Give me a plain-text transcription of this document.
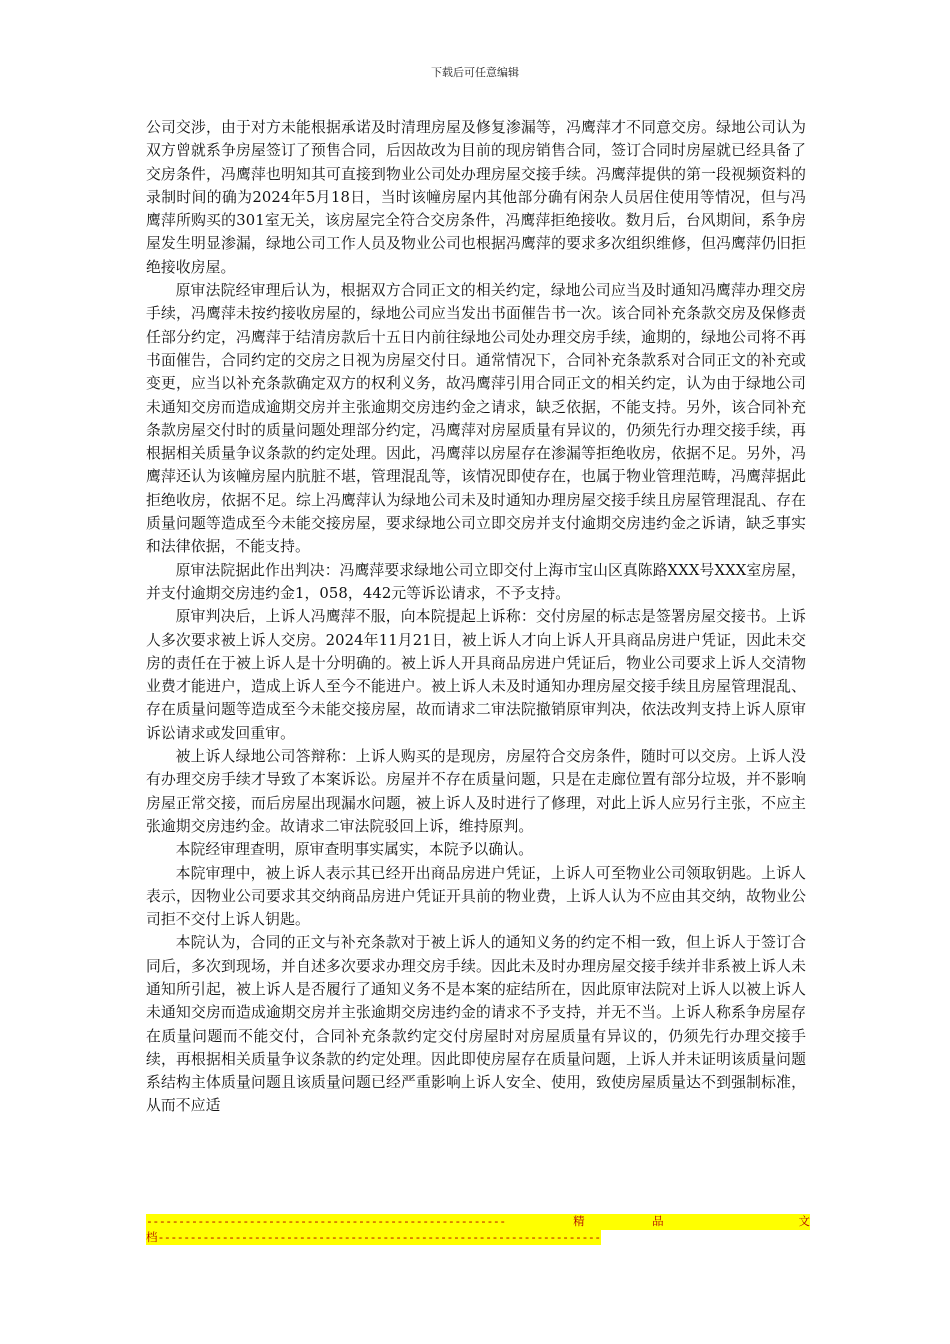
下载后可任意编辑

公司交涉，由于对方未能根据承诺及时清理房屋及修复渗漏等，冯鹰萍才不同意交房。绿地公司认为双方曾就系争房屋签订了预售合同，后因故改为目前的现房销售合同，签订合同时房屋就已经具备了交房条件，冯鹰萍也明知其可直接到物业公司处办理房屋交接手续。冯鹰萍提供的第一段视频资料的录制时间的确为2024年5月18日，当时该幢房屋内其他部分确有闲杂人员居住使用等情况，但与冯鹰萍所购买的301室无关，该房屋完全符合交房条件，冯鹰萍拒绝接收。数月后，台风期间，系争房屋发生明显渗漏，绿地公司工作人员及物业公司也根据冯鹰萍的要求多次组织维修，但冯鹰萍仍旧拒绝接收房屋。

原审法院经审理后认为，根据双方合同正文的相关约定，绿地公司应当及时通知冯鹰萍办理交房手续，冯鹰萍未按约接收房屋的，绿地公司应当发出书面催告书一次。该合同补充条款交房及保修责任部分约定，冯鹰萍于结清房款后十五日内前往绿地公司处办理交房手续，逾期的，绿地公司将不再书面催告，合同约定的交房之日视为房屋交付日。通常情况下，合同补充条款系对合同正文的补充或变更，应当以补充条款确定双方的权利义务，故冯鹰萍引用合同正文的相关约定，认为由于绿地公司未通知交房而造成逾期交房并主张逾期交房违约金之请求，缺乏依据，不能支持。另外，该合同补充条款房屋交付时的质量问题处理部分约定，冯鹰萍对房屋质量有异议的，仍须先行办理交接手续，再根据相关质量争议条款的约定处理。因此，冯鹰萍以房屋存在渗漏等拒绝收房，依据不足。另外，冯鹰萍还认为该幢房屋内肮脏不堪，管理混乱等，该情况即使存在，也属于物业管理范畴，冯鹰萍据此拒绝收房，依据不足。综上冯鹰萍认为绿地公司未及时通知办理房屋交接手续且房屋管理混乱、存在质量问题等造成至今未能交接房屋，要求绿地公司立即交房并支付逾期交房违约金之诉请，缺乏事实和法律依据，不能支持。

原审法院据此作出判决：冯鹰萍要求绿地公司立即交付上海市宝山区真陈路XXX号XXX室房屋，并支付逾期交房违约金1，058，442元等诉讼请求，不予支持。

原审判决后，上诉人冯鹰萍不服，向本院提起上诉称：交付房屋的标志是签署房屋交接书。上诉人多次要求被上诉人交房。2024年11月21日，被上诉人才向上诉人开具商品房进户凭证，因此未交房的责任在于被上诉人是十分明确的。被上诉人开具商品房进户凭证后，物业公司要求上诉人交清物业费才能进户，造成上诉人至今不能进户。被上诉人未及时通知办理房屋交接手续且房屋管理混乱、存在质量问题等造成至今未能交接房屋，故而请求二审法院撤销原审判决，依法改判支持上诉人原审诉讼请求或发回重审。

被上诉人绿地公司答辩称：上诉人购买的是现房，房屋符合交房条件，随时可以交房。上诉人没有办理交房手续才导致了本案诉讼。房屋并不存在质量问题，只是在走廊位置有部分垃圾，并不影响房屋正常交接，而后房屋出现漏水问题，被上诉人及时进行了修理，对此上诉人应另行主张，不应主张逾期交房违约金。故请求二审法院驳回上诉，维持原判。

本院经审理查明，原审查明事实属实，本院予以确认。

本院审理中，被上诉人表示其已经开出商品房进户凭证，上诉人可至物业公司领取钥匙。上诉人表示，因物业公司要求其交纳商品房进户凭证开具前的物业费，上诉人认为不应由其交纳，故物业公司拒不交付上诉人钥匙。

本院认为，合同的正文与补充条款对于被上诉人的通知义务的约定不相一致，但上诉人于签订合同后，多次到现场，并自述多次要求办理交房手续。因此未及时办理房屋交接手续并非系被上诉人未通知所引起，被上诉人是否履行了通知义务不是本案的症结所在，因此原审法院对上诉人以被上诉人未通知交房而造成逾期交房并主张逾期交房违约金的请求不予支持，并无不当。上诉人称系争房屋存在质量问题而不能交付，合同补充条款约定交付房屋时对房屋质量有异议的，仍须先行办理交接手续，再根据相关质量争议条款的约定处理。因此即使房屋存在质量问题，上诉人并未证明该质量问题系结构主体质量问题且该质量问题已经严重影响上诉人安全、使用，致使房屋质量达不到强制标准，从而不应适

--------------------------------------------------------	精	品	文
档---------------------------------------------------------------------
